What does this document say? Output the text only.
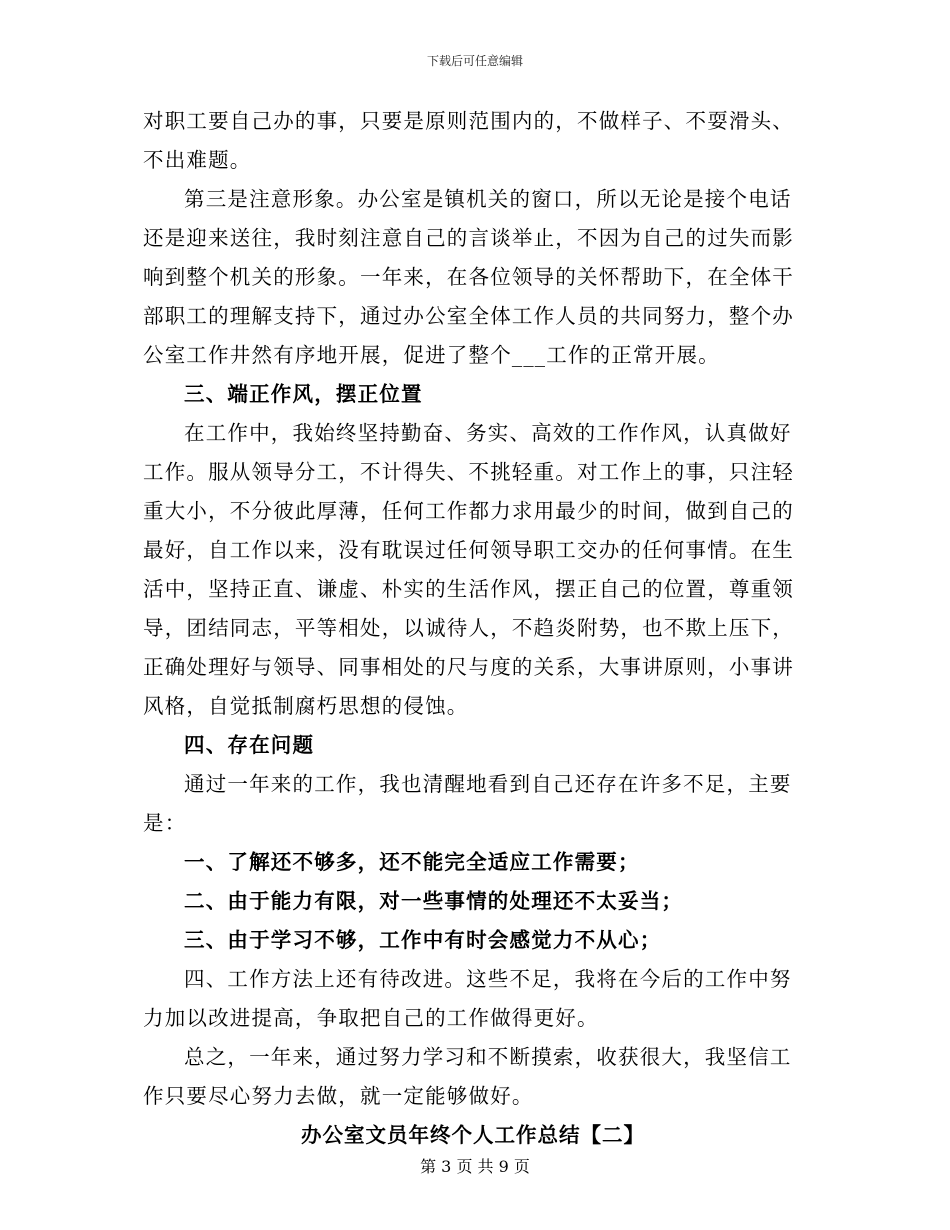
下载后可任意编辑

对职工要自己办的事，只要是原则范围内的，不做样子、不耍滑头、不出难题。

第三是注意形象。办公室是镇机关的窗口，所以无论是接个电话还是迎来送往，我时刻注意自己的言谈举止，不因为自己的过失而影响到整个机关的形象。一年来，在各位领导的关怀帮助下，在全体干部职工的理解支持下，通过办公室全体工作人员的共同努力，整个办公室工作井然有序地开展，促进了整个___工作的正常开展。

三、端正作风，摆正位置

在工作中，我始终坚持勤奋、务实、高效的工作作风，认真做好工作。服从领导分工，不计得失、不挑轻重。对工作上的事，只注轻重大小，不分彼此厚薄，任何工作都力求用最少的时间，做到自己的最好，自工作以来，没有耽误过任何领导职工交办的任何事情。在生活中，坚持正直、谦虚、朴实的生活作风，摆正自己的位置，尊重领导，团结同志，平等相处，以诚待人，不趋炎附势，也不欺上压下，正确处理好与领导、同事相处的尺与度的关系，大事讲原则，小事讲风格，自觉抵制腐朽思想的侵蚀。

四、存在问题

通过一年来的工作，我也清醒地看到自己还存在许多不足，主要是：

一、了解还不够多，还不能完全适应工作需要；

二、由于能力有限，对一些事情的处理还不太妥当；

三、由于学习不够，工作中有时会感觉力不从心；

四、工作方法上还有待改进。这些不足，我将在今后的工作中努力加以改进提高，争取把自己的工作做得更好。

总之，一年来，通过努力学习和不断摸索，收获很大，我坚信工作只要尽心努力去做，就一定能够做好。

办公室文员年终个人工作总结【二】

第 3 页 共 9 页
